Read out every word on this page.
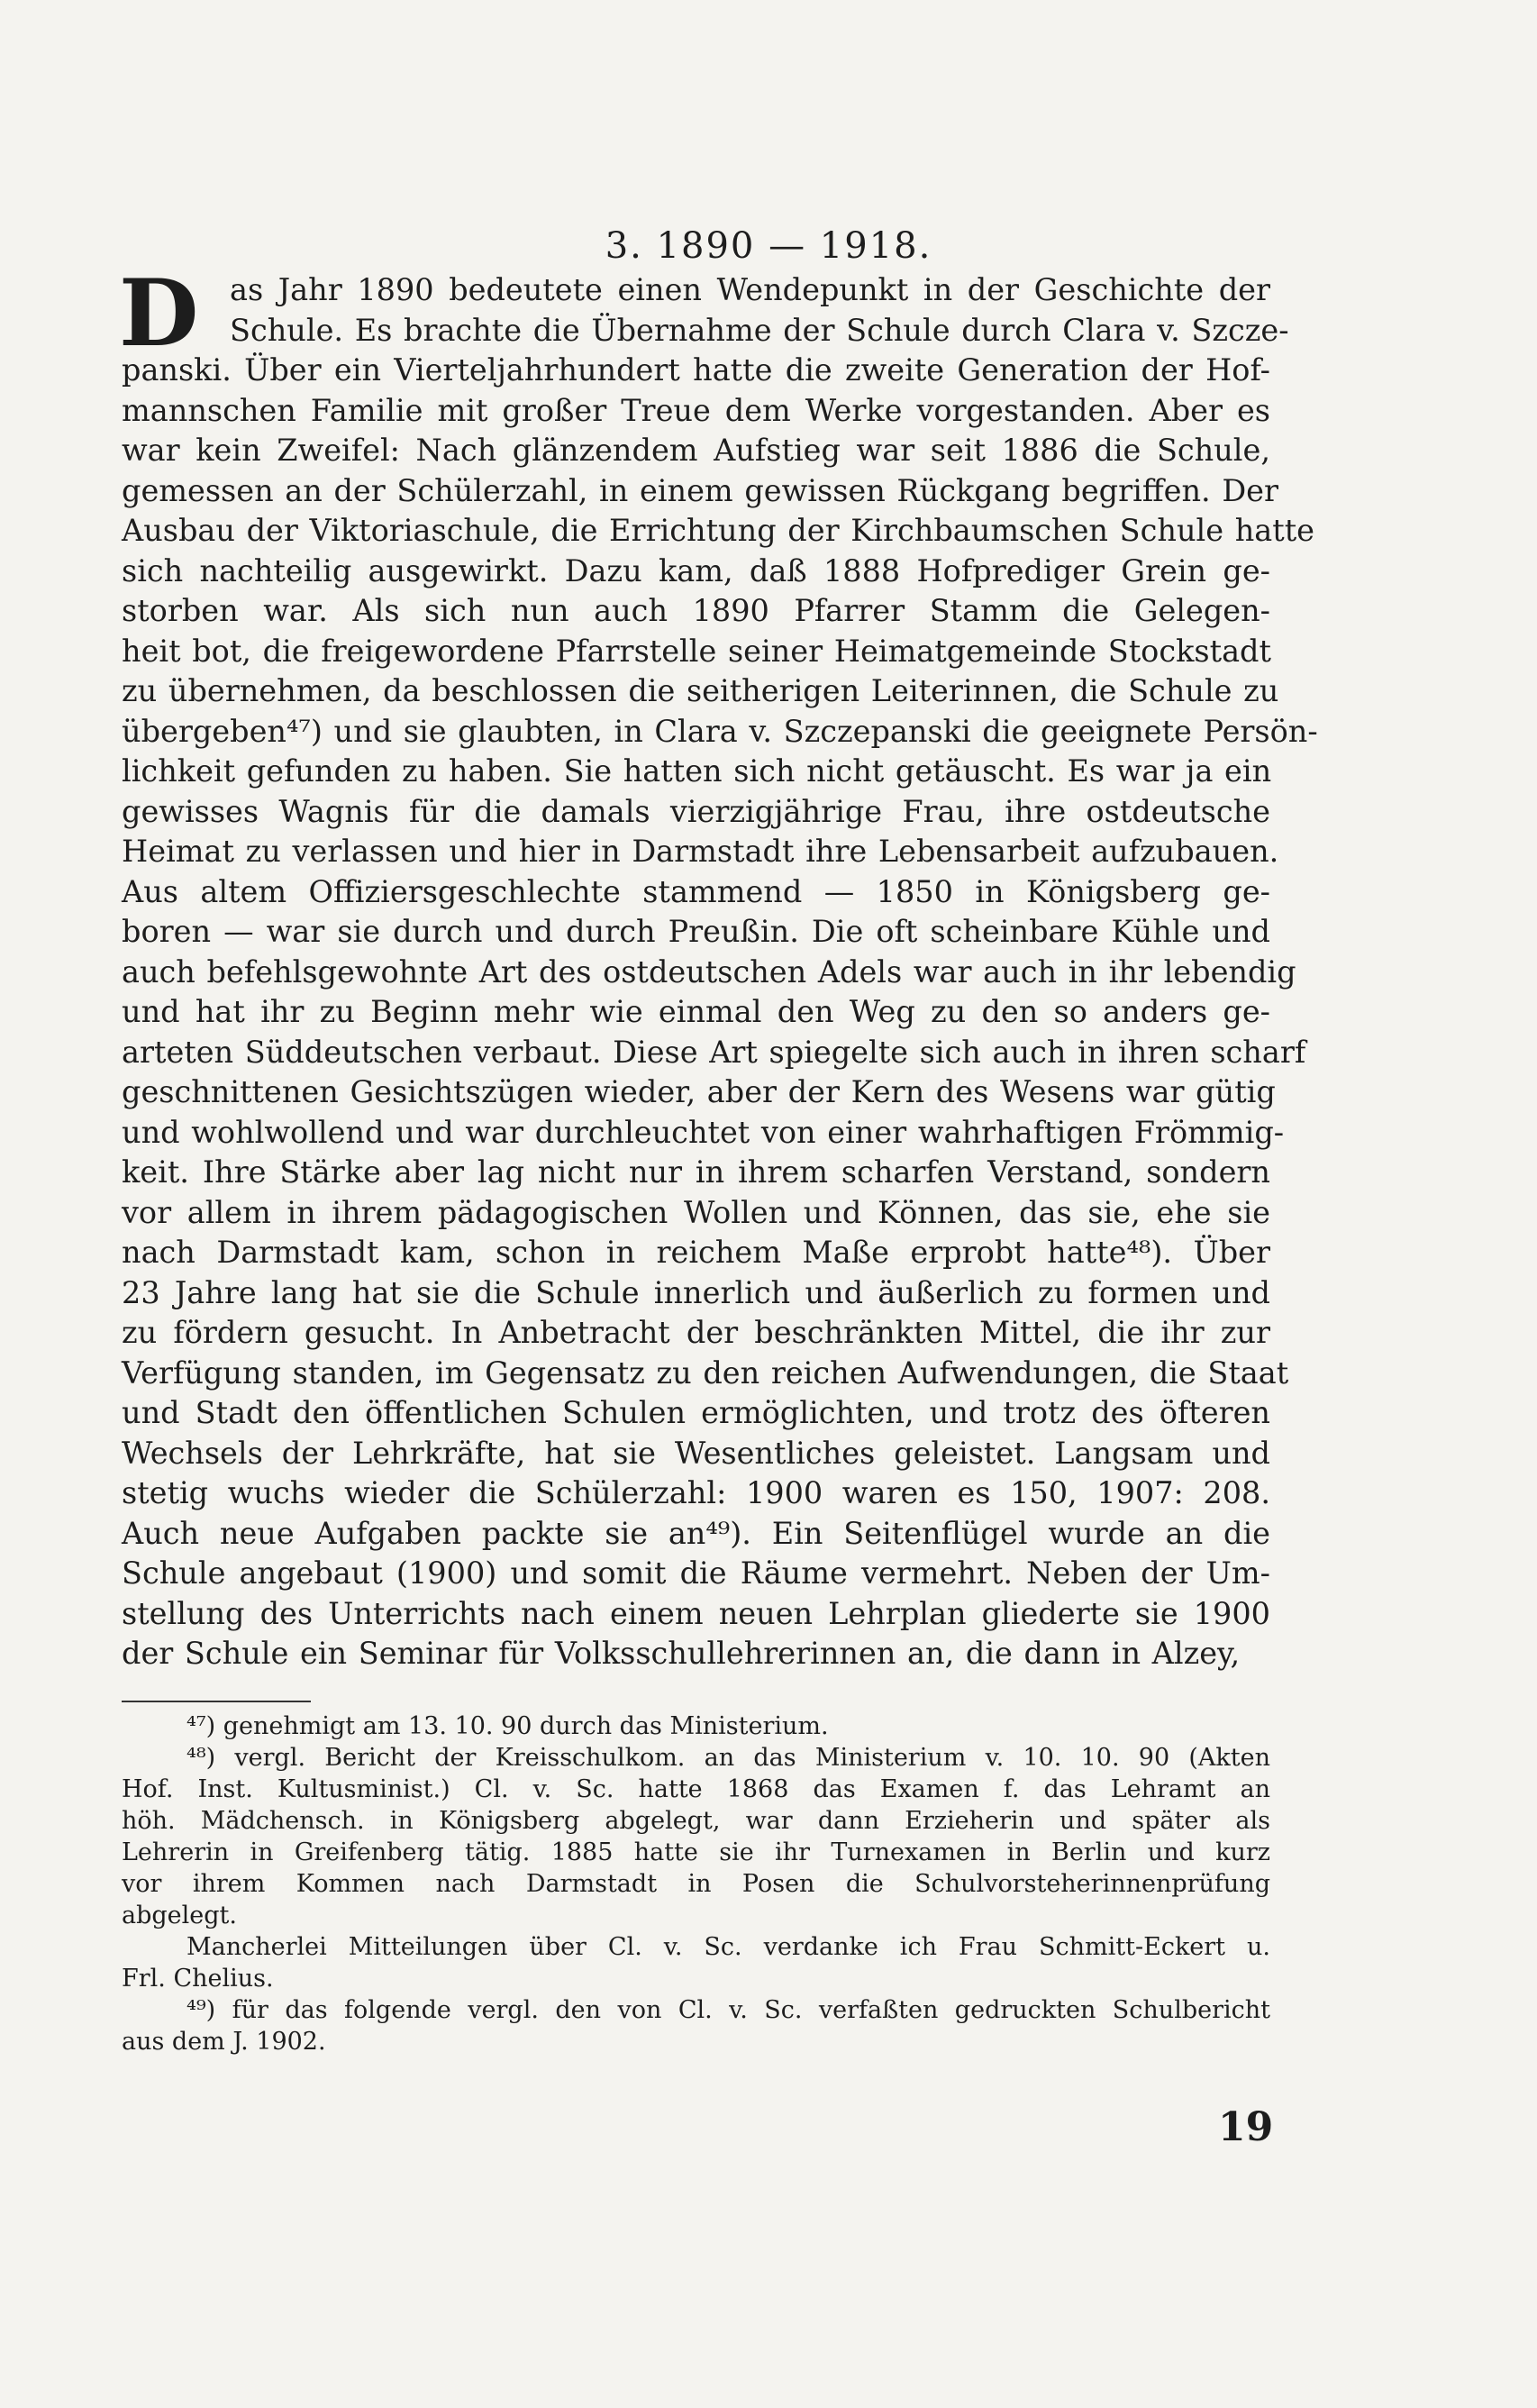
3. 1890 — 1918.
D	as Jahr 1890 bedeutete einen Wendepunkt in der Geschichte der
Schule. Es brachte die Übernahme der Schule durch Clara v. Szcze-
panski. Über ein Vierteljahrhundert hatte die zweite Generation der Hof-
mannschen Familie mit großer Treue dem Werke vorgestanden. Aber es
war kein Zweifel: Nach glänzendem Aufstieg war seit 1886 die Schule,
gemessen an der Schülerzahl, in einem gewissen Rückgang begriffen. Der
Ausbau der Viktoriaschule, die Errichtung der Kirchbaumschen Schule hatte
sich nachteilig ausgewirkt. Dazu kam, daß 1888 Hofprediger Grein ge-
storben war. Als sich nun auch 1890 Pfarrer Stamm die Gelegen-
heit bot, die freigewordene Pfarrstelle seiner Heimatgemeinde Stockstadt
zu übernehmen, da beschlossen die seitherigen Leiterinnen, die Schule zu
übergeben⁴⁷) und sie glaubten, in Clara v. Szczepanski die geeignete Persön-
lichkeit gefunden zu haben. Sie hatten sich nicht getäuscht. Es war ja ein
gewisses Wagnis für die damals vierzigjährige Frau, ihre ostdeutsche
Heimat zu verlassen und hier in Darmstadt ihre Lebensarbeit aufzubauen.
Aus altem Offiziersgeschlechte stammend — 1850 in Königsberg ge-
boren — war sie durch und durch Preußin. Die oft scheinbare Kühle und
auch befehlsgewohnte Art des ostdeutschen Adels war auch in ihr lebendig
und hat ihr zu Beginn mehr wie einmal den Weg zu den so anders ge-
arteten Süddeutschen verbaut. Diese Art spiegelte sich auch in ihren scharf
geschnittenen Gesichtszügen wieder, aber der Kern des Wesens war gütig
und wohlwollend und war durchleuchtet von einer wahrhaftigen Frömmig-
keit. Ihre Stärke aber lag nicht nur in ihrem scharfen Verstand, sondern
vor allem in ihrem pädagogischen Wollen und Können, das sie, ehe sie
nach Darmstadt kam, schon in reichem Maße erprobt hatte⁴⁸). Über
23 Jahre lang hat sie die Schule innerlich und äußerlich zu formen und
zu fördern gesucht. In Anbetracht der beschränkten Mittel, die ihr zur
Verfügung standen, im Gegensatz zu den reichen Aufwendungen, die Staat
und Stadt den öffentlichen Schulen ermöglichten, und trotz des öfteren
Wechsels der Lehrkräfte, hat sie Wesentliches geleistet. Langsam und
stetig wuchs wieder die Schülerzahl: 1900 waren es 150, 1907: 208.
Auch neue Aufgaben packte sie an⁴⁹). Ein Seitenflügel wurde an die
Schule angebaut (1900) und somit die Räume vermehrt. Neben der Um-
stellung des Unterrichts nach einem neuen Lehrplan gliederte sie 1900
der Schule ein Seminar für Volksschullehrerinnen an, die dann in Alzey,
⁴⁷) genehmigt am 13. 10. 90 durch das Ministerium.
⁴⁸) vergl. Bericht der Kreisschulkom. an das Ministerium v. 10. 10. 90 (Akten
Hof. Inst. Kultusminist.) Cl. v. Sc. hatte 1868 das Examen f. das Lehramt an
höh. Mädchensch. in Königsberg abgelegt, war dann Erzieherin und später als
Lehrerin in Greifenberg tätig. 1885 hatte sie ihr Turnexamen in Berlin und kurz
vor ihrem Kommen nach Darmstadt in Posen die Schulvorsteherinnenprüfung
abgelegt.
Mancherlei Mitteilungen über Cl. v. Sc. verdanke ich Frau Schmitt-Eckert u.
Frl. Chelius.
⁴⁹) für das folgende vergl. den von Cl. v. Sc. verfaßten gedruckten Schulbericht
aus dem J. 1902.
19
